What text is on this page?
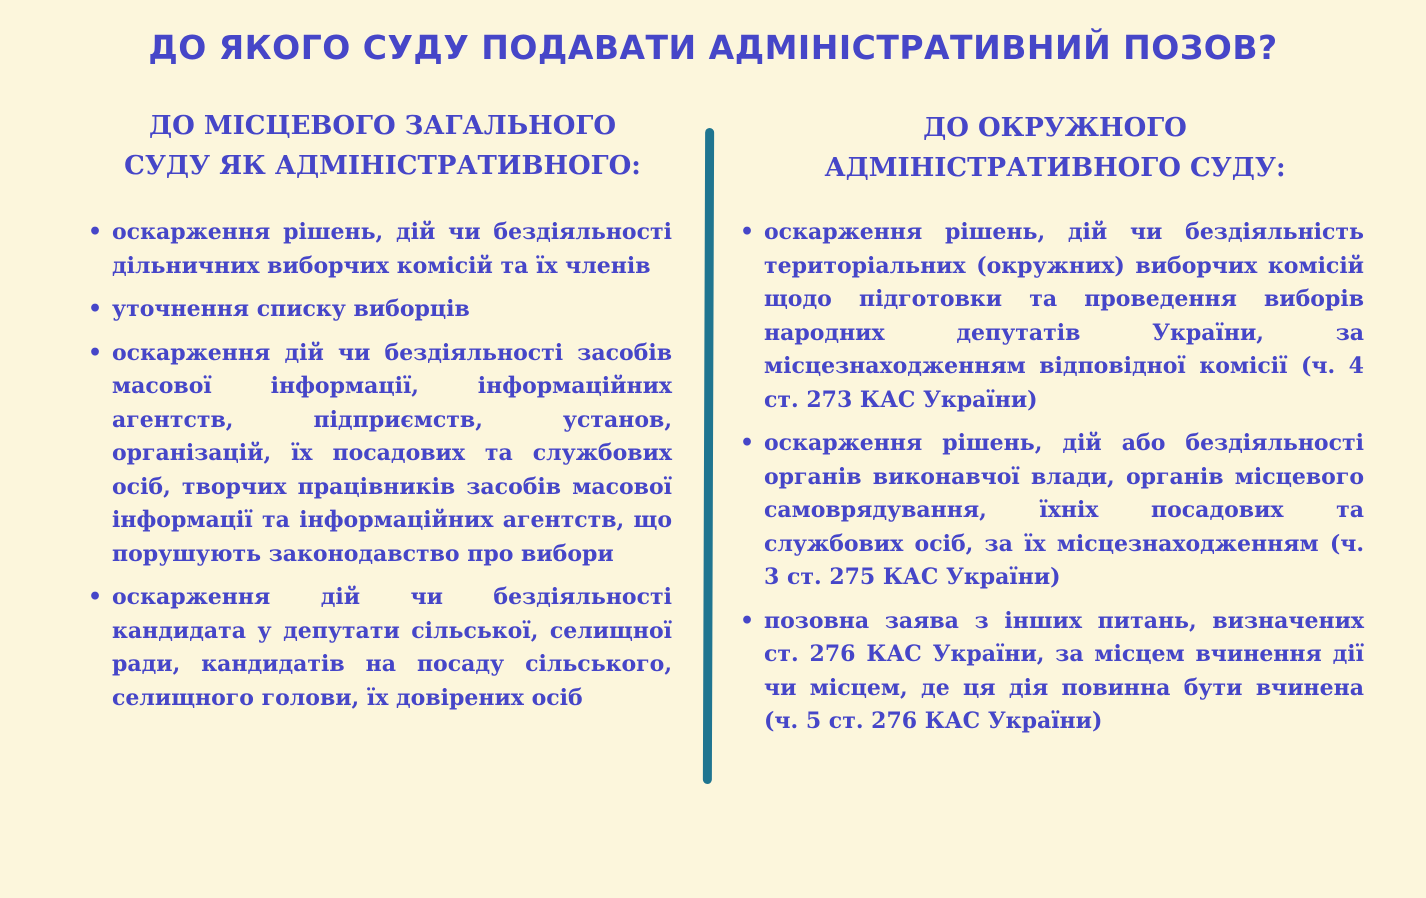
ДО ЯКОГО СУДУ ПОДАВАТИ АДМІНІСТРАТИВНИЙ ПОЗОВ?
ДО МІСЦЕВОГО ЗАГАЛЬНОГО
СУДУ ЯК АДМІНІСТРАТИВНОГО:
ДО ОКРУЖНОГО
АДМІНІСТРАТИВНОГО СУДУ:
• оскарження рішень, дій чи бездіяльності дільничних виборчих комісій та їх членів
• уточнення списку виборців
• оскарження дій чи бездіяльності засобів масової інформації, інформаційних агентств, підприємств, установ, організацій, їх посадових та службових осіб, творчих працівників засобів масової інформації та інформаційних агентств, що порушують законодавство про вибори
• оскарження дій чи бездіяльності кандидата у депутати сільської, селищної ради, кандидатів на посаду сільського, селищного голови, їх довірених осіб
• оскарження рішень, дій чи бездіяльність територіальних (окружних) виборчих комісій щодо підготовки та проведення виборів народних депутатів України, за місцезнаходженням відповідної комісії (ч. 4 ст. 273 КАС України)
• оскарження рішень, дій або бездіяльності органів виконавчої влади, органів місцевого самоврядування, їхніх посадових та службових осіб, за їх місцезнаходженням (ч. 3 ст. 275 КАС України)
• позовна заява з інших питань, визначених ст. 276 КАС України, за місцем вчинення дії чи місцем, де ця дія повинна бути вчинена (ч. 5 ст. 276 КАС України)
